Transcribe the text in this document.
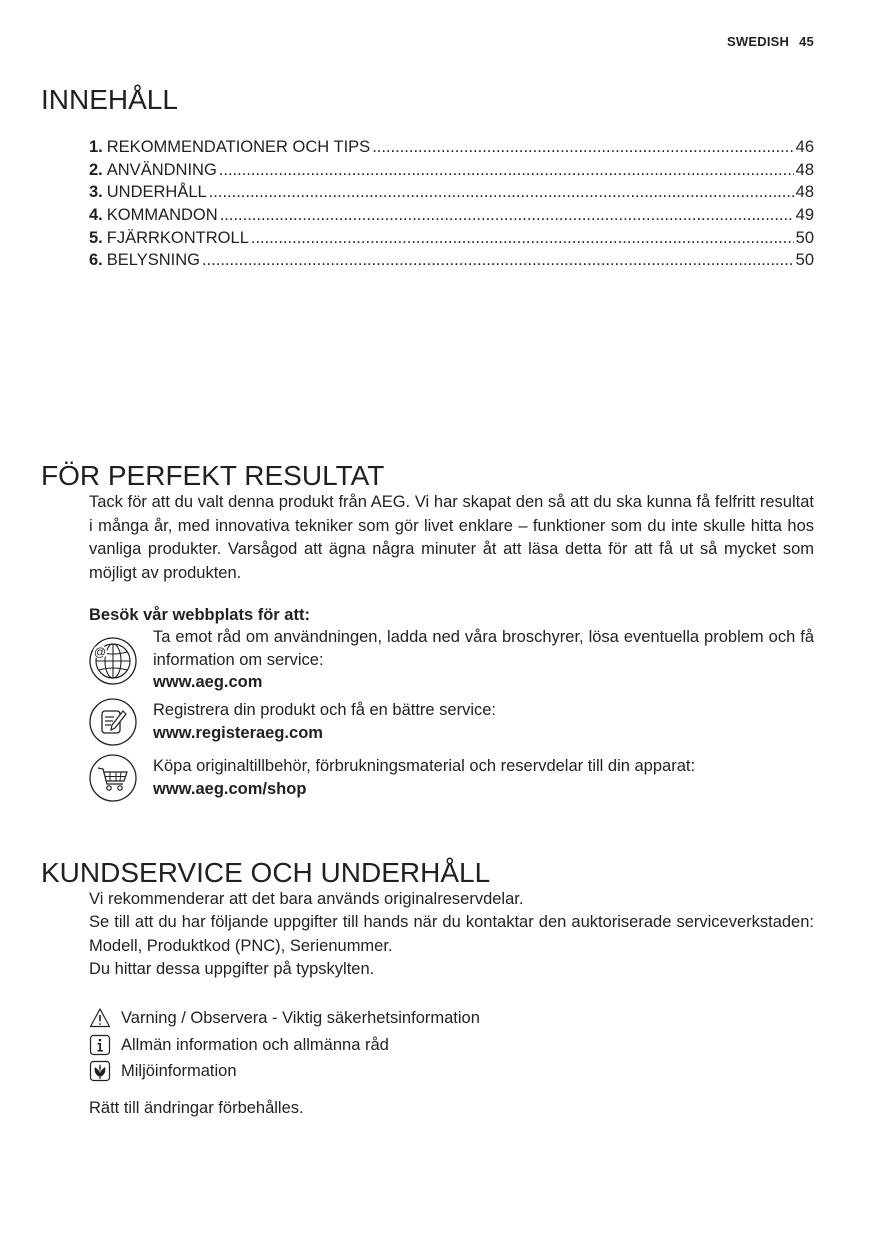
SWEDISH 45
INNEHÅLL
1. REKOMMENDATIONER OCH TIPS .....	46
2. ANVÄNDNING .....	48
3. UNDERHÅLL .....	48
4. KOMMANDON .....	49
5. FJÄRRKONTROLL .....	50
6. BELYSNING .....	50
FÖR PERFEKT RESULTAT
Tack för att du valt denna produkt från AEG. Vi har skapat den så att du ska kunna få felfritt resultat i många år, med innovativa tekniker som gör livet enklare – funktioner som du inte skulle hitta hos vanliga produkter. Varsågod att ägna några minuter åt att läsa detta för att få ut så mycket som möjligt av produkten.
Besök vår webbplats för att:
@
Ta emot råd om användningen, ladda ned våra broschyrer, lösa eventuella problem och få information om service:
www.aeg.com
Registrera din produkt och få en bättre service:
www.registeraeg.com
Köpa originaltillbehör, förbrukningsmaterial och reservdelar till din apparat:
www.aeg.com/shop
KUNDSERVICE OCH UNDERHÅLL
Vi rekommenderar att det bara används originalreservdelar.
Se till att du har följande uppgifter till hands när du kontaktar den auktoriserade serviceverkstaden: Modell, Produktkod (PNC), Serienummer.
Du hittar dessa uppgifter på typskylten.
Varning / Observera - Viktig säkerhetsinformation
Allmän information och allmänna råd
Miljöinformation
Rätt till ändringar förbehålles.
